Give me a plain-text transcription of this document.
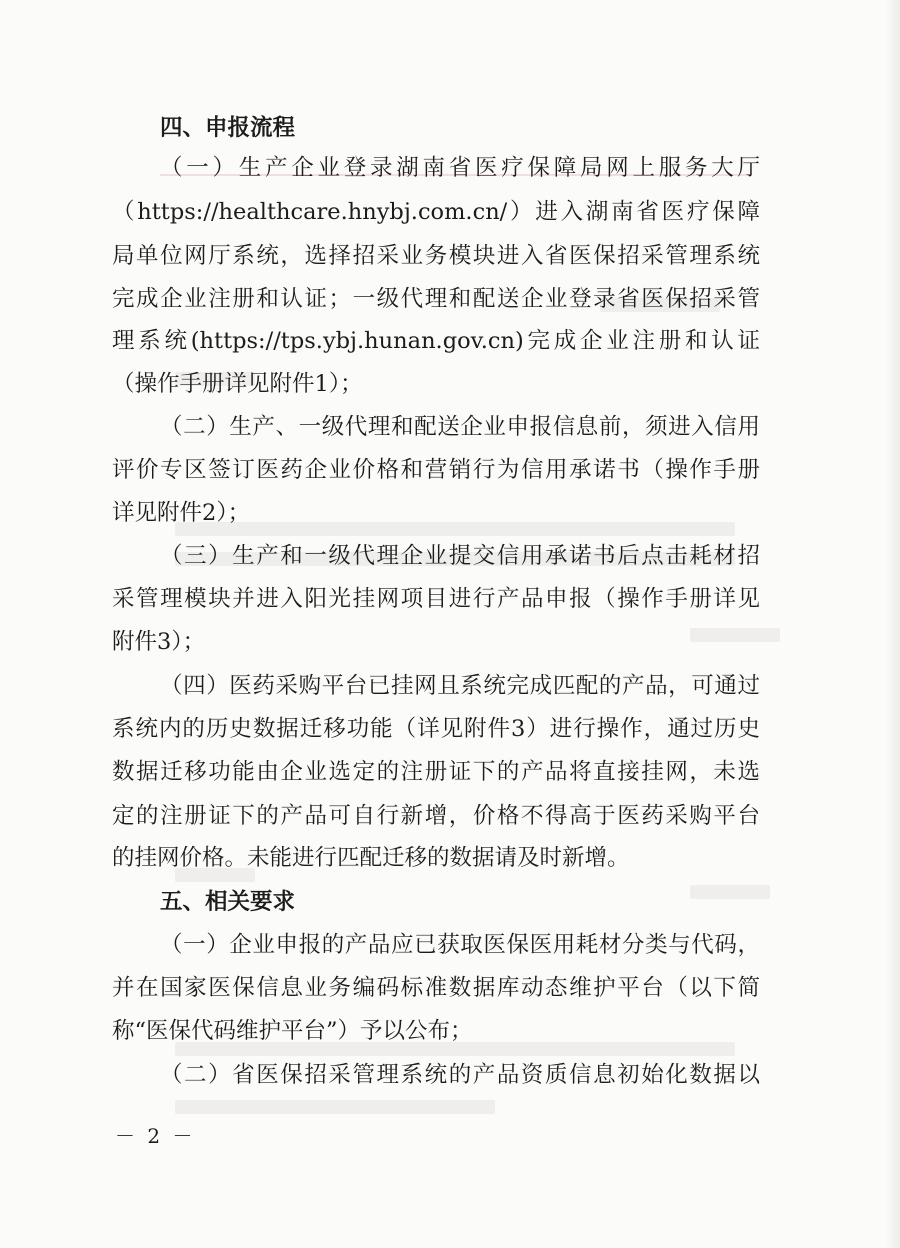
四、申报流程
（一）生产企业登录湖南省医疗保障局网上服务大厅
（https://healthcare.hnybj.com.cn/）进入湖南省医疗保障
局单位网厅系统，选择招采业务模块进入省医保招采管理系统
完成企业注册和认证；一级代理和配送企业登录省医保招采管
理系统(https://tps.ybj.hunan.gov.cn)完成企业注册和认证
（操作手册详见附件1）；
（二）生产、一级代理和配送企业申报信息前，须进入信用
评价专区签订医药企业价格和营销行为信用承诺书（操作手册
详见附件2）；
（三）生产和一级代理企业提交信用承诺书后点击耗材招
采管理模块并进入阳光挂网项目进行产品申报（操作手册详见
附件3）；
（四）医药采购平台已挂网且系统完成匹配的产品，可通过
系统内的历史数据迁移功能（详见附件3）进行操作，通过历史
数据迁移功能由企业选定的注册证下的产品将直接挂网，未选
定的注册证下的产品可自行新增，价格不得高于医药采购平台
的挂网价格。未能进行匹配迁移的数据请及时新增。
五、相关要求
（一）企业申报的产品应已获取医保医用耗材分类与代码，
并在国家医保信息业务编码标准数据库动态维护平台（以下简
称“医保代码维护平台”）予以公布；
（二）省医保招采管理系统的产品资质信息初始化数据以
－ 2 －
